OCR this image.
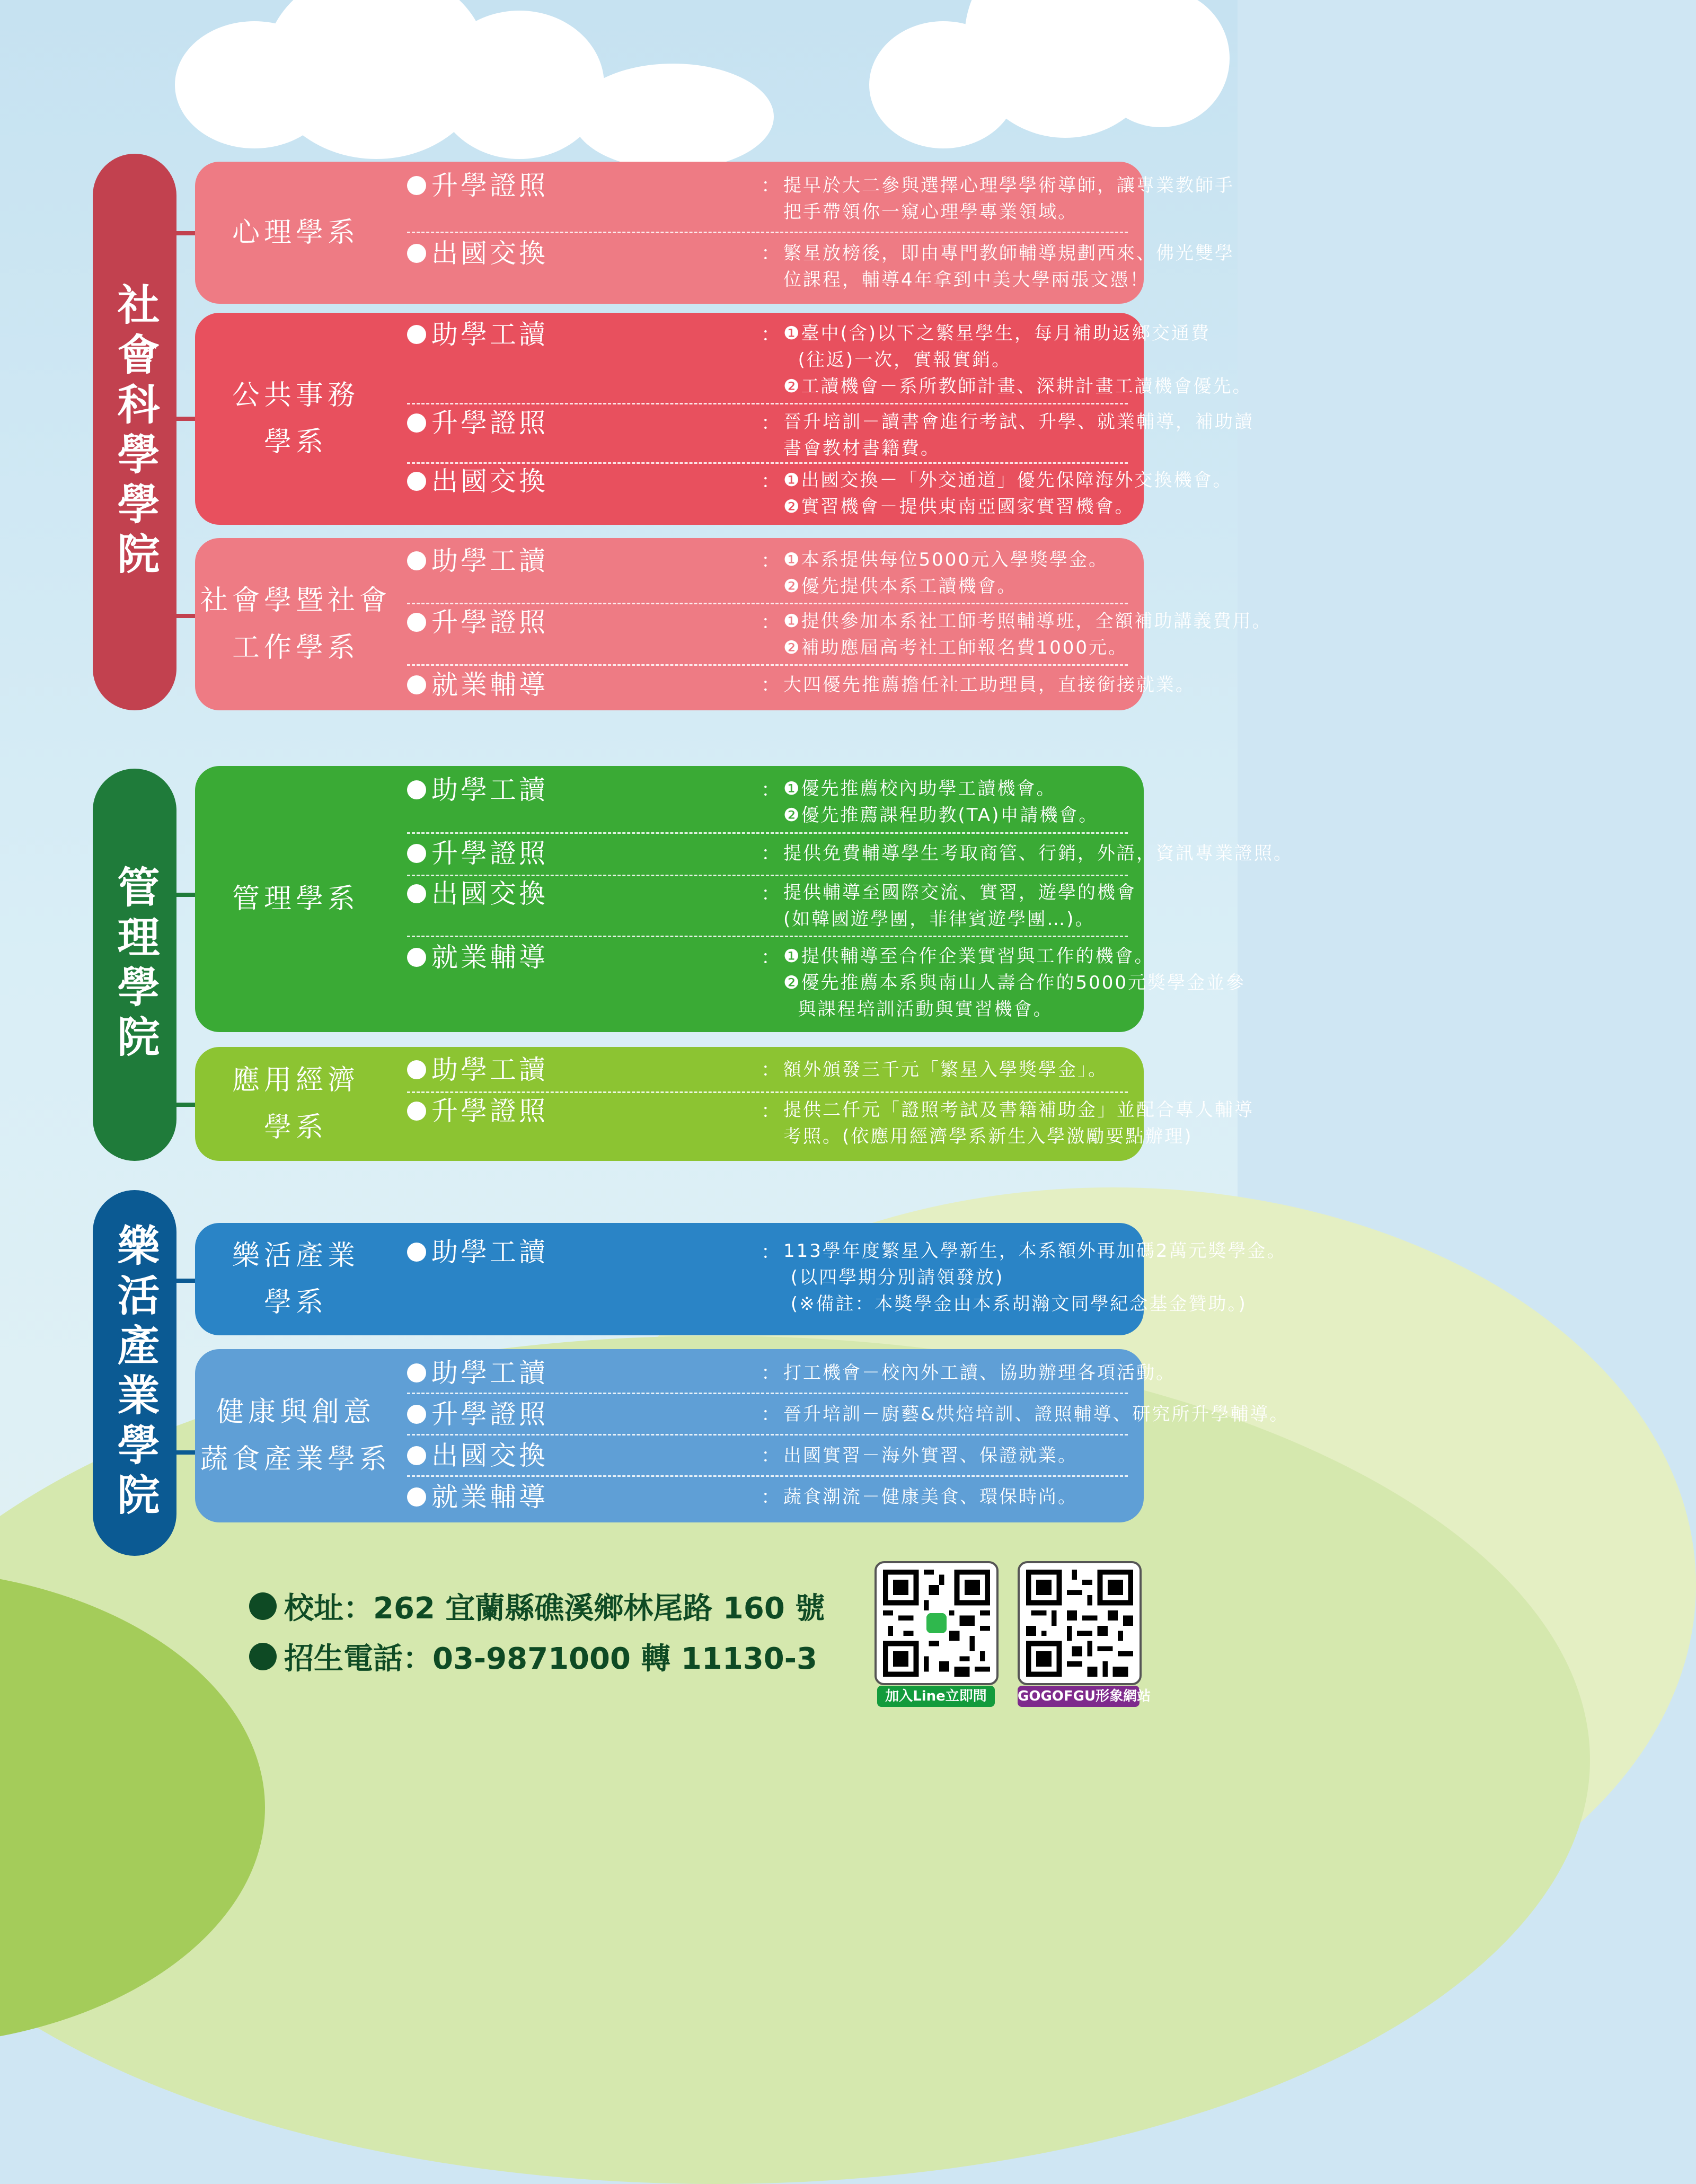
社會科學學院
管理學院
樂活產業學院
心理學系
升學證照	： 提早於大二參與選擇心理學學術導師，讓專業教師手
把手帶領你一窺心理學專業領域。
出國交換	： 繁星放榜後，即由專門教師輔導規劃西來、佛光雙學
位課程，輔導4年拿到中美大學兩張文憑！
公共事務
學系
助學工讀	： ❶臺中(含)以下之繁星學生，每月補助返鄉交通費
(往返)一次，實報實銷。
❷工讀機會－系所教師計畫、深耕計畫工讀機會優先。
升學證照	： 晉升培訓－讀書會進行考試、升學、就業輔導，補助讀
書會教材書籍費。
出國交換	： ❶出國交換－「外交通道」優先保障海外交換機會。
❷實習機會－提供東南亞國家實習機會。
社會學暨社會
工作學系
助學工讀	： ❶本系提供每位5000元入學獎學金。
❷優先提供本系工讀機會。
升學證照	： ❶提供參加本系社工師考照輔導班，全額補助講義費用。
❷補助應屆高考社工師報名費1000元。
就業輔導	： 大四優先推薦擔任社工助理員，直接銜接就業。
管理學系
助學工讀	： ❶優先推薦校內助學工讀機會。
❷優先推薦課程助教(TA)申請機會。
升學證照	： 提供免費輔導學生考取商管、行銷，外語，資訊專業證照。
出國交換	： 提供輔導至國際交流、實習，遊學的機會
(如韓國遊學團，菲律賓遊學團…)。
就業輔導	： ❶提供輔導至合作企業實習與工作的機會。
❷優先推薦本系與南山人壽合作的5000元獎學金並參
與課程培訓活動與實習機會。
應用經濟
學系
助學工讀	： 額外頒發三千元「繁星入學獎學金」。
升學證照	： 提供二仟元「證照考試及書籍補助金」並配合專人輔導
考照。(依應用經濟學系新生入學激勵要點辦理)
樂活產業
學系
助學工讀	： 113學年度繁星入學新生，本系額外再加碼2萬元獎學金。
(以四學期分別請領發放)
(※備註：本獎學金由本系胡瀚文同學紀念基金贊助。)
健康與創意
蔬食產業學系
助學工讀	： 打工機會－校內外工讀、協助辦理各項活動。
升學證照	： 晉升培訓－廚藝&烘焙培訓、證照輔導、研究所升學輔導。
出國交換	： 出國實習－海外實習、保證就業。
就業輔導	： 蔬食潮流－健康美食、環保時尚。
校址：262 宜蘭縣礁溪鄉林尾路 160 號
招生電話：03-9871000 轉 11130-3
加入Line立即問	GOGOFGU形象網站
